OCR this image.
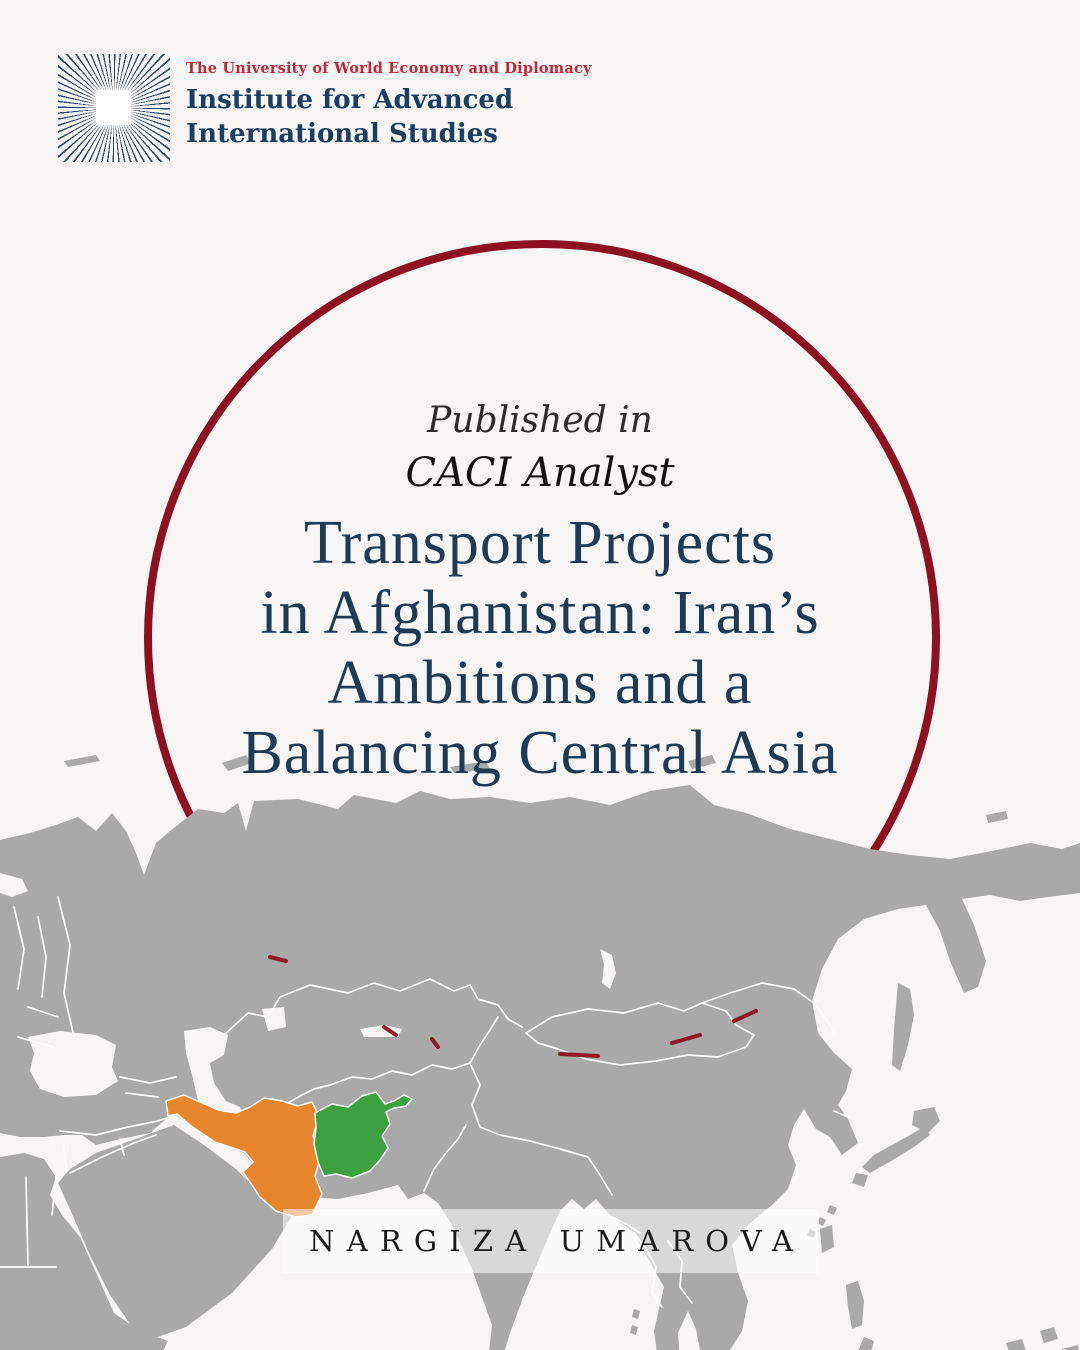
The University of World Economy and Diplomacy

Institute for Advanced
International Studies

Published in
CACI Analyst
Transport Projects
in Afghanistan: Iran’s
Ambitions and a
Balancing Central Asia
NARGIZA UMAROVA
